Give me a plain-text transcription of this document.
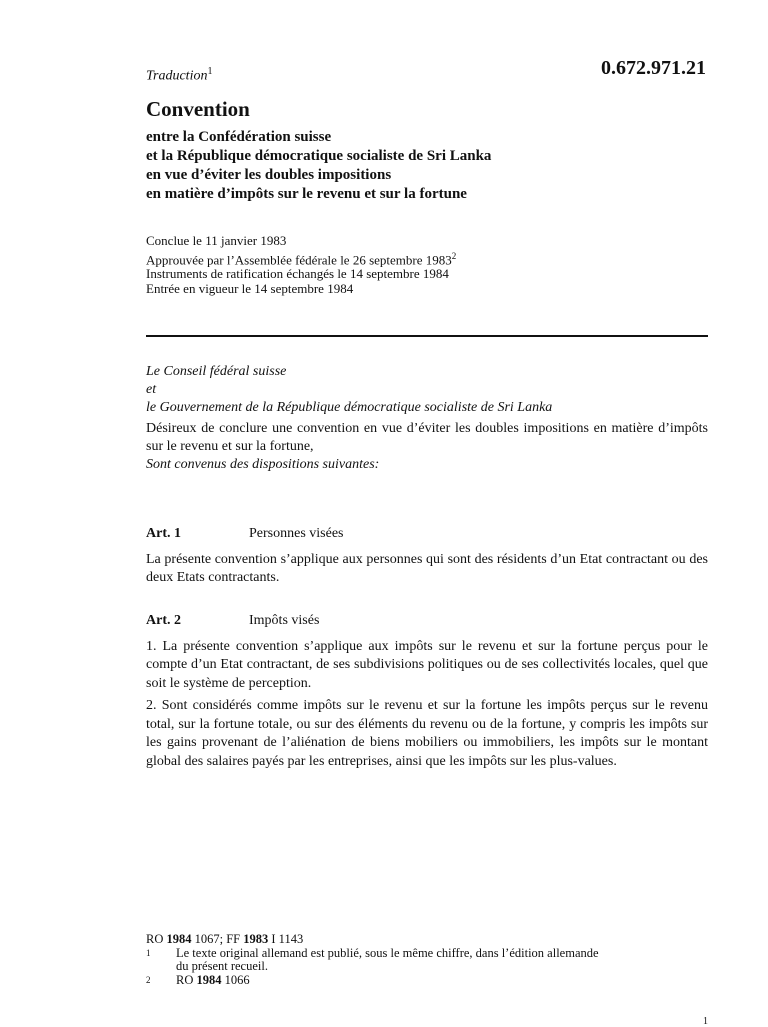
Traduction$^1$	0.672.971.21
Convention
entre la Confédération suisse
et la République démocratique socialiste de Sri Lanka
en vue d’éviter les doubles impositions
en matière d’impôts sur le revenu et sur la fortune
Conclue le 11 janvier 1983
Approuvée par l’Assemblée fédérale le 26 septembre 1983$^2$
Instruments de ratification échangés le 14 septembre 1984
Entrée en vigueur le 14 septembre 1984
Le Conseil fédéral suisse
et
le Gouvernement de la République démocratique socialiste de Sri Lanka
Désireux de conclure une convention en vue d’éviter les doubles impositions en matière d’impôts sur le revenu et sur la fortune,
Sont convenus des dispositions suivantes:
Art. 1	Personnes visées
La présente convention s’applique aux personnes qui sont des résidents d’un Etat contractant ou des deux Etats contractants.
Art. 2	Impôts visés
1. La présente convention s’applique aux impôts sur le revenu et sur la fortune perçus pour le compte d’un Etat contractant, de ses subdivisions politiques ou de ses collectivités locales, quel que soit le système de perception.
2. Sont considérés comme impôts sur le revenu et sur la fortune les impôts perçus sur le revenu total, sur la fortune totale, ou sur des éléments du revenu ou de la fortune, y compris les impôts sur les gains provenant de l’aliénation de biens mobiliers ou immobiliers, les impôts sur le montant global des salaires payés par les entreprises, ainsi que les impôts sur les plus-values.
RO 1984 1067; FF 1983 I 1143
$^1$	Le texte original allemand est publié, sous le même chiffre, dans l’édition allemande
du présent recueil.
$^2$	RO 1984 1066
1
